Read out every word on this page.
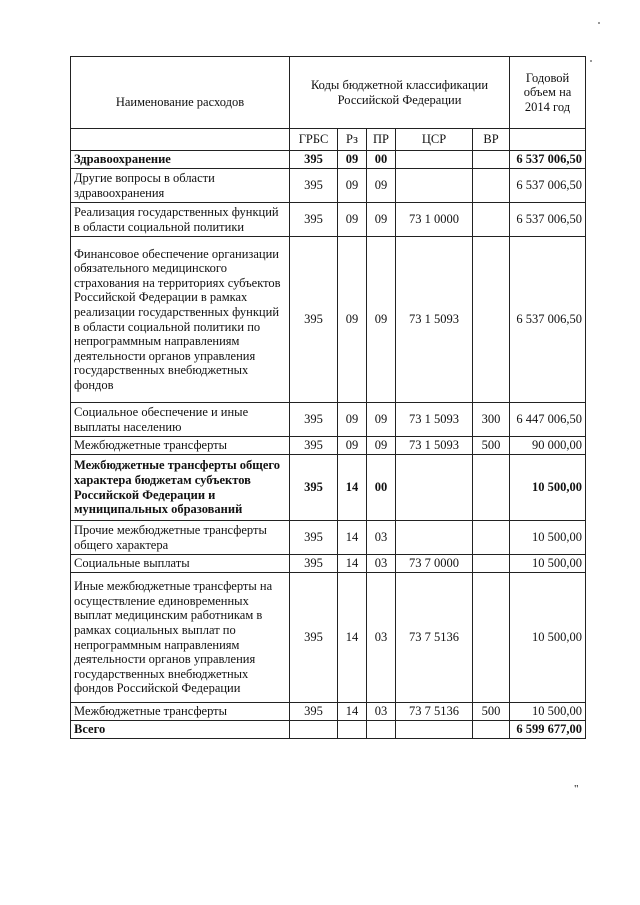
Наименование расходов	Коды бюджетной классификации Российской Федерации					Годовой объем на 2014 год
	ГРБС	Рз	ПР	ЦСР	ВР	
Здравоохранение	395	09	00			6 537 006,50
Другие вопросы в области здравоохранения	395	09	09			6 537 006,50
Реализация государственных функций в области социальной политики	395	09	09	73 1 0000		6 537 006,50
Финансовое обеспечение организации обязательного медицинского страхования на территориях субъектов Российской Федерации в рамках реализации государственных функций в области социальной политики по непрограммным направлениям деятельности органов управления государственных внебюджетных фондов	395	09	09	73 1 5093		6 537 006,50
Социальное обеспечение и иные выплаты населению	395	09	09	73 1 5093	300	6 447 006,50
Межбюджетные трансферты	395	09	09	73 1 5093	500	90 000,00
Межбюджетные трансферты общего характера бюджетам субъектов Российской Федерации и муниципальных образований	395	14	00			10 500,00
Прочие межбюджетные трансферты общего характера	395	14	03			10 500,00
Социальные выплаты	395	14	03	73 7 0000		10 500,00
Иные межбюджетные трансферты на осуществление единовременных выплат медицинским работникам в рамках социальных выплат по непрограммным направлениям деятельности органов управления государственных внебюджетных фондов Российской Федерации	395	14	03	73 7 5136		10 500,00
Межбюджетные трансферты	395	14	03	73 7 5136	500	10 500,00
Всего						6 599 677,00
"
